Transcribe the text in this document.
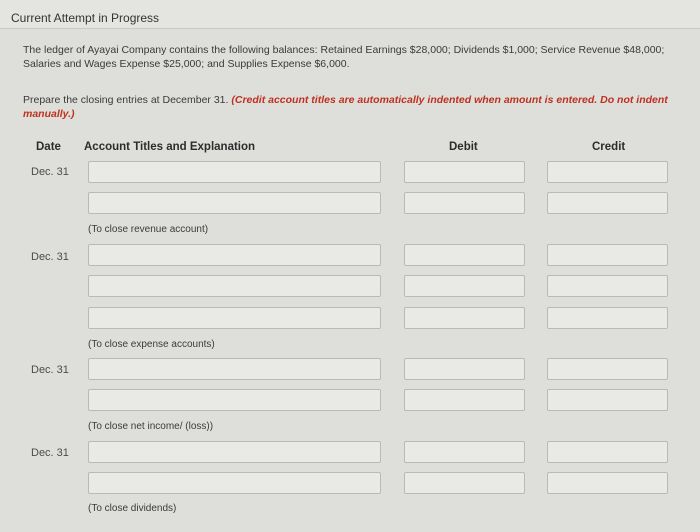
Current Attempt in Progress
The ledger of Ayayai Company contains the following balances: Retained Earnings $28,000; Dividends $1,000; Service Revenue $48,000; Salaries and Wages Expense $25,000; and Supplies Expense $6,000.
Prepare the closing entries at December 31. (Credit account titles are automatically indented when amount is entered. Do not indent manually.)
Date Account Titles and Explanation	Debit	Credit
Dec. 31
(To close revenue account)
Dec. 31
(To close expense accounts)
Dec. 31
(To close net income/ (loss))
Dec. 31
(To close dividends)
